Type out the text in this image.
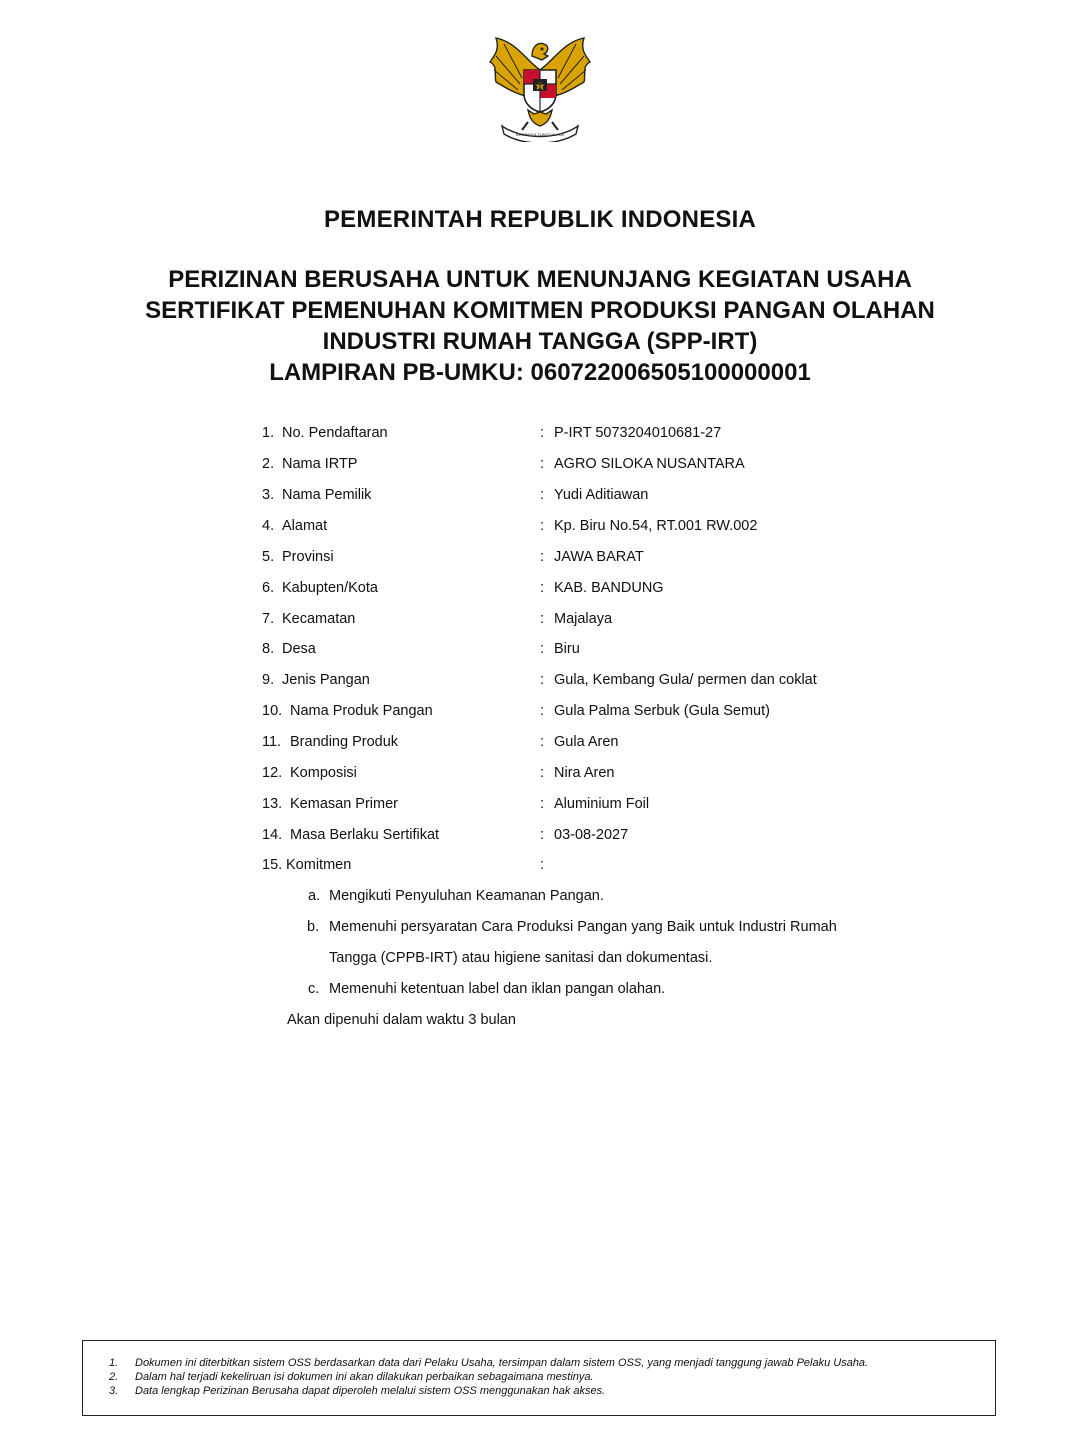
BHINNEKA TUNGGAL IKA
PEMERINTAH REPUBLIK INDONESIA
PERIZINAN BERUSAHA UNTUK MENUNJANG KEGIATAN USAHA
SERTIFIKAT PEMENUHAN KOMITMEN PRODUKSI PANGAN OLAHAN
INDUSTRI RUMAH TANGGA (SPP-IRT)
LAMPIRAN PB-UMKU: 060722006505100000001
1. No. Pendaftaran	: P-IRT 5073204010681-27
2. Nama IRTP	: AGRO SILOKA NUSANTARA
3. Nama Pemilik	: Yudi Aditiawan
4. Alamat	: Kp. Biru No.54, RT.001 RW.002
5. Provinsi	: JAWA BARAT
6. Kabupten/Kota	: KAB. BANDUNG
7. Kecamatan	: Majalaya
8. Desa	: Biru
9. Jenis Pangan	: Gula, Kembang Gula/ permen dan coklat
10. Nama Produk Pangan	: Gula Palma Serbuk (Gula Semut)
11. Branding Produk	: Gula Aren
12. Komposisi	: Nira Aren
13. Kemasan Primer	: Aluminium Foil
14. Masa Berlaku Sertifikat	: 03-08-2027
15. Komitmen	:
a. Mengikuti Penyuluhan Keamanan Pangan.
b. Memenuhi persyaratan Cara Produksi Pangan yang Baik untuk Industri Rumah
Tangga (CPPB-IRT) atau higiene sanitasi dan dokumentasi.
c. Memenuhi ketentuan label dan iklan pangan olahan.
Akan dipenuhi dalam waktu 3 bulan
1. Dokumen ini diterbitkan sistem OSS berdasarkan data dari Pelaku Usaha, tersimpan dalam sistem OSS, yang menjadi tanggung jawab Pelaku Usaha.
2. Dalam hal terjadi kekeliruan isi dokumen ini akan dilakukan perbaikan sebagaimana mestinya.
3. Data lengkap Perizinan Berusaha dapat diperoleh melalui sistem OSS menggunakan hak akses.
